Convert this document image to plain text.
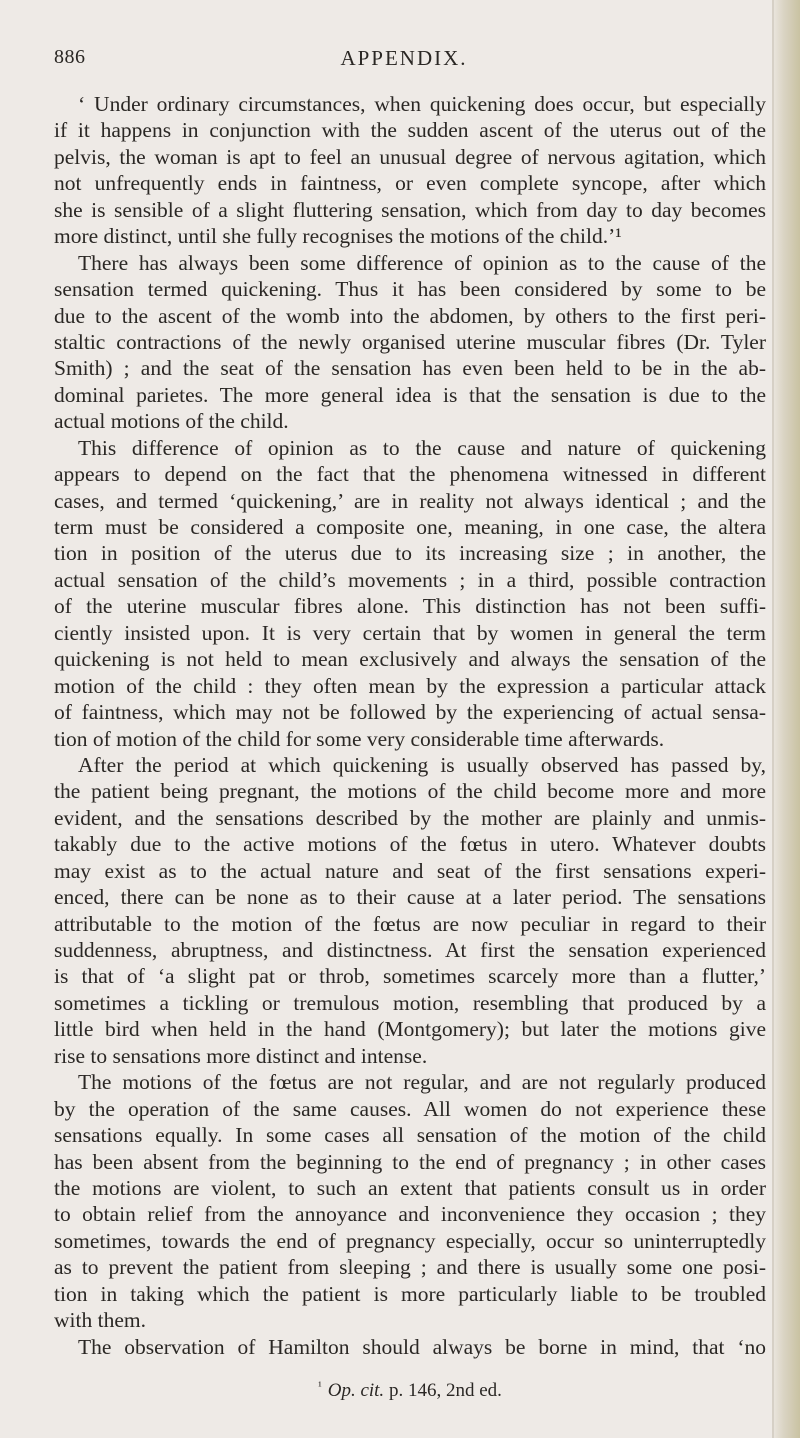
886	APPENDIX.
‘ Under ordinary circumstances, when quickening does occur, but especially
if it happens in conjunction with the sudden ascent of the uterus out of the
pelvis, the woman is apt to feel an unusual degree of nervous agitation, which
not unfrequently ends in faintness, or even complete syncope, after which
she is sensible of a slight fluttering sensation, which from day to day becomes
more distinct, until she fully recognises the motions of the child.’¹
There has always been some difference of opinion as to the cause of the
sensation termed quickening. Thus it has been considered by some to be
due to the ascent of the womb into the abdomen, by others to the first peri-
staltic contractions of the newly organised uterine muscular fibres (Dr. Tyler
Smith) ; and the seat of the sensation has even been held to be in the ab-
dominal parietes. The more general idea is that the sensation is due to the
actual motions of the child.
This difference of opinion as to the cause and nature of quickening
appears to depend on the fact that the phenomena witnessed in different
cases, and termed ‘quickening,’ are in reality not always identical ; and the
term must be considered a composite one, meaning, in one case, the altera
tion in position of the uterus due to its increasing size ; in another, the
actual sensation of the child’s movements ; in a third, possible contraction
of the uterine muscular fibres alone. This distinction has not been suffi-
ciently insisted upon. It is very certain that by women in general the term
quickening is not held to mean exclusively and always the sensation of the
motion of the child : they often mean by the expression a particular attack
of faintness, which may not be followed by the experiencing of actual sensa-
tion of motion of the child for some very considerable time afterwards.
After the period at which quickening is usually observed has passed by,
the patient being pregnant, the motions of the child become more and more
evident, and the sensations described by the mother are plainly and unmis-
takably due to the active motions of the fœtus in utero. Whatever doubts
may exist as to the actual nature and seat of the first sensations experi-
enced, there can be none as to their cause at a later period. The sensations
attributable to the motion of the fœtus are now peculiar in regard to their
suddenness, abruptness, and distinctness. At first the sensation experienced
is that of ‘a slight pat or throb, sometimes scarcely more than a flutter,’
sometimes a tickling or tremulous motion, resembling that produced by a
little bird when held in the hand (Montgomery); but later the motions give
rise to sensations more distinct and intense.
The motions of the fœtus are not regular, and are not regularly produced
by the operation of the same causes. All women do not experience these
sensations equally. In some cases all sensation of the motion of the child
has been absent from the beginning to the end of pregnancy ; in other cases
the motions are violent, to such an extent that patients consult us in order
to obtain relief from the annoyance and inconvenience they occasion ; they
sometimes, towards the end of pregnancy especially, occur so uninterruptedly
as to prevent the patient from sleeping ; and there is usually some one posi-
tion in taking which the patient is more particularly liable to be troubled
with them.
The observation of Hamilton should always be borne in mind, that ‘no
$^{^1}$ Op. cit. p. 146, 2nd ed.
